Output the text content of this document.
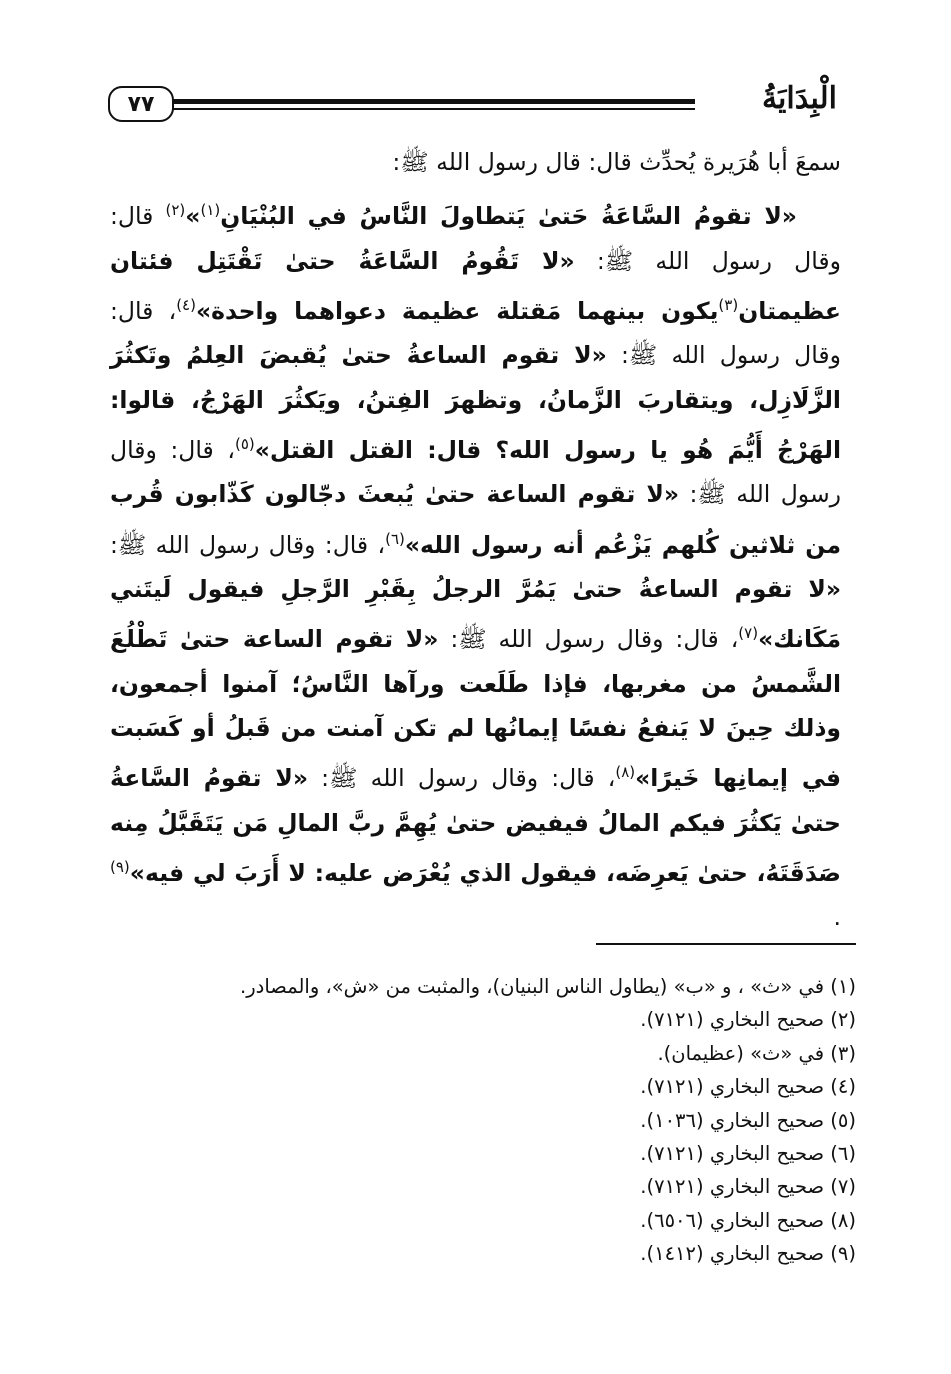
الْبِدَايَةُ
٧٧

سمعَ أبا هُرَيرة يُحدِّث قال: قال رسول الله ﷺ:

«لا تقومُ السَّاعَةُ حَتىٰ يَتطاولَ النَّاسُ في البُنْيَانِ$^{(١)}$»$^{(٢)}$ قال: وقال رسول الله ﷺ: «لا تَقُومُ السَّاعَةُ حتىٰ تَقْتَتِل فئتان عظيمتان$^{(٣)}$يكون بينهما مَقتلة عظيمة دعواهما واحدة»$^{(٤)}$، قال: وقال رسول الله ﷺ: «لا تقوم الساعةُ حتىٰ يُقبضَ العِلمُ وتَكثُرَ الزَّلَازِل، ويتقاربَ الزَّمانُ، وتظهرَ الفِتنُ، ويَكثُرَ الهَرْجُ، قالوا: الهَرْجُ أَيُّمَ هُو يا رسول الله؟ قال: القتل القتل»$^{(٥)}$، قال: وقال رسول الله ﷺ: «لا تقوم الساعة حتىٰ يُبعثَ دجّالون كَذّابون قُرب من ثلاثين كُلهم يَزْعُم أنه رسول الله»$^{(٦)}$، قال: وقال رسول الله ﷺ: «لا تقوم الساعةُ حتىٰ يَمُرَّ الرجلُ بِقَبْرِ الرَّجلِ فيقول لَيتَني مَكَانك»$^{(٧)}$، قال: وقال رسول الله ﷺ: «لا تقوم الساعة حتىٰ تَطْلُعَ الشَّمسُ من مغربها، فإذا طَلَعت ورآها النَّاسُ؛ آمنوا أجمعون، وذلك حِينَ لا يَنفعُ نفسًا إيمانُها لم تكن آمنت من قَبلُ أو كَسَبت في إيمانِها خَيرًا»$^{(٨)}$، قال: وقال رسول الله ﷺ: «لا تقومُ السَّاعةُ حتىٰ يَكثُرَ فيكم المالُ فيفيض حتىٰ يُهِمَّ ربَّ المالِ مَن يَتَقَبَّلُ مِنه صَدَقَتَهُ، حتىٰ يَعرِضَه، فيقول الذي يُعْرَض عليه: لا أَرَبَ لي فيه»$^{(٩)}$ .

(١) في «ث» ، و «ب» (يطاول الناس البنيان)، والمثبت من «ش»، والمصادر.
(٢) صحيح البخاري (٧١٢١).
(٣) في «ث» (عظيمان).
(٤) صحيح البخاري (٧١٢١).
(٥) صحيح البخاري (١٠٣٦).
(٦) صحيح البخاري (٧١٢١).
(٧) صحيح البخاري (٧١٢١).
(٨) صحيح البخاري (٦٥٠٦).
(٩) صحيح البخاري (١٤١٢).
